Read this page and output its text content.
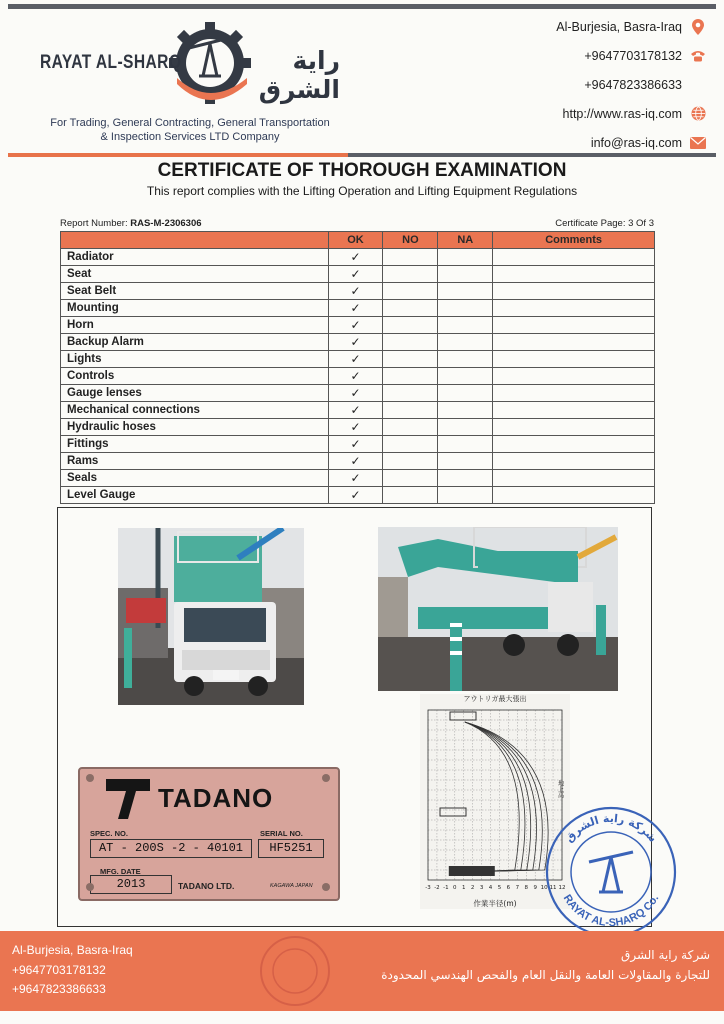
RAYAT AL-SHARQ	راية الشرق
For Trading, General Contracting, General Transportation
& Inspection Services LTD Company
Al-Burjesia, Basra-Iraq
+9647703178132
+9647823386633
http://www.ras-iq.com
info@ras-iq.com
CERTIFICATE OF THOROUGH EXAMINATION
This report complies with the Lifting Operation and Lifting Equipment Regulations
Report Number: RAS-M-2306306	Certificate Page: 3 Of 3
	OK	NO	NA	Comments
Radiator	✓			
Seat	✓			
Seat Belt	✓			
Mounting	✓			
Horn	✓			
Backup Alarm	✓			
Lights	✓			
Controls	✓			
Gauge lenses	✓			
Mechanical connections	✓			
Hydraulic hoses	✓			
Fittings	✓			
Rams	✓			
Seals	✓			
Level Gauge	✓			
TADANO
SPEC. NO.
AT - 200S -2 - 40101
SERIAL NO.
HF5251
MFG. DATE
2013	TADANO LTD.	KAGAWA JAPAN
アウトリガ最大張出
-3 -2 -1 0 1 2 3 4 5 6 7 8 9 10 11 12
地上高
作業半径(m)
شركة راية الشرق
RAYAT AL-SHARQ Co.
Al-Burjesia, Basra-Iraq
+9647703178132
+9647823386633
شركة راية الشرق
للتجارة والمقاولات العامة والنقل العام والفحص الهندسي المحدودة
